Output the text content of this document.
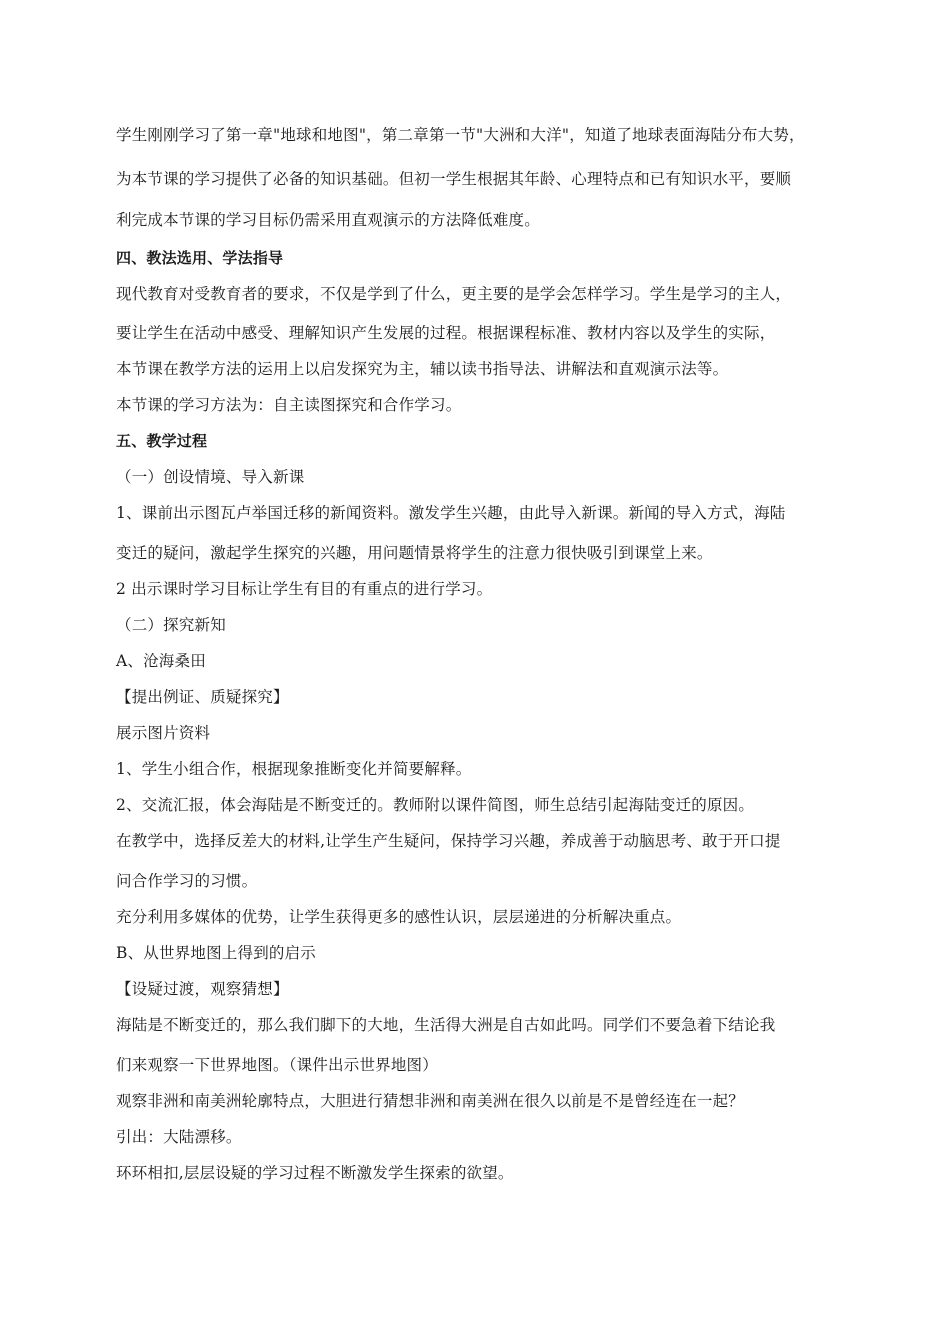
学生刚刚学习了第一章"地球和地图"，第二章第一节"大洲和大洋"，知道了地球表面海陆分布大势，
为本节课的学习提供了必备的知识基础。但初一学生根据其年龄、心理特点和已有知识水平，要顺
利完成本节课的学习目标仍需采用直观演示的方法降低难度。
四、教法选用、学法指导
现代教育对受教育者的要求，不仅是学到了什么，更主要的是学会怎样学习。学生是学习的主人，
要让学生在活动中感受、理解知识产生发展的过程。根据课程标准、教材内容以及学生的实际，
本节课在教学方法的运用上以启发探究为主，辅以读书指导法、讲解法和直观演示法等。
本节课的学习方法为：自主读图探究和合作学习。
五、教学过程
（一）创设情境、导入新课
1、课前出示图瓦卢举国迁移的新闻资料。激发学生兴趣，由此导入新课。新闻的导入方式，海陆
变迁的疑问，激起学生探究的兴趣，用问题情景将学生的注意力很快吸引到课堂上来。
2 出示课时学习目标让学生有目的有重点的进行学习。
（二）探究新知
A、沧海桑田
【提出例证、质疑探究】
展示图片资料
1、学生小组合作，根据现象推断变化并简要解释。
2、交流汇报，体会海陆是不断变迁的。教师附以课件简图，师生总结引起海陆变迁的原因。
在教学中，选择反差大的材料,让学生产生疑问，保持学习兴趣，养成善于动脑思考、敢于开口提
问合作学习的习惯。
充分利用多媒体的优势，让学生获得更多的感性认识，层层递进的分析解决重点。
B、从世界地图上得到的启示
【设疑过渡，观察猜想】
海陆是不断变迁的，那么我们脚下的大地，生活得大洲是自古如此吗。同学们不要急着下结论我
们来观察一下世界地图。（课件出示世界地图）
观察非洲和南美洲轮廓特点，大胆进行猜想非洲和南美洲在很久以前是不是曾经连在一起？
引出：大陆漂移。
环环相扣,层层设疑的学习过程不断激发学生探索的欲望。
